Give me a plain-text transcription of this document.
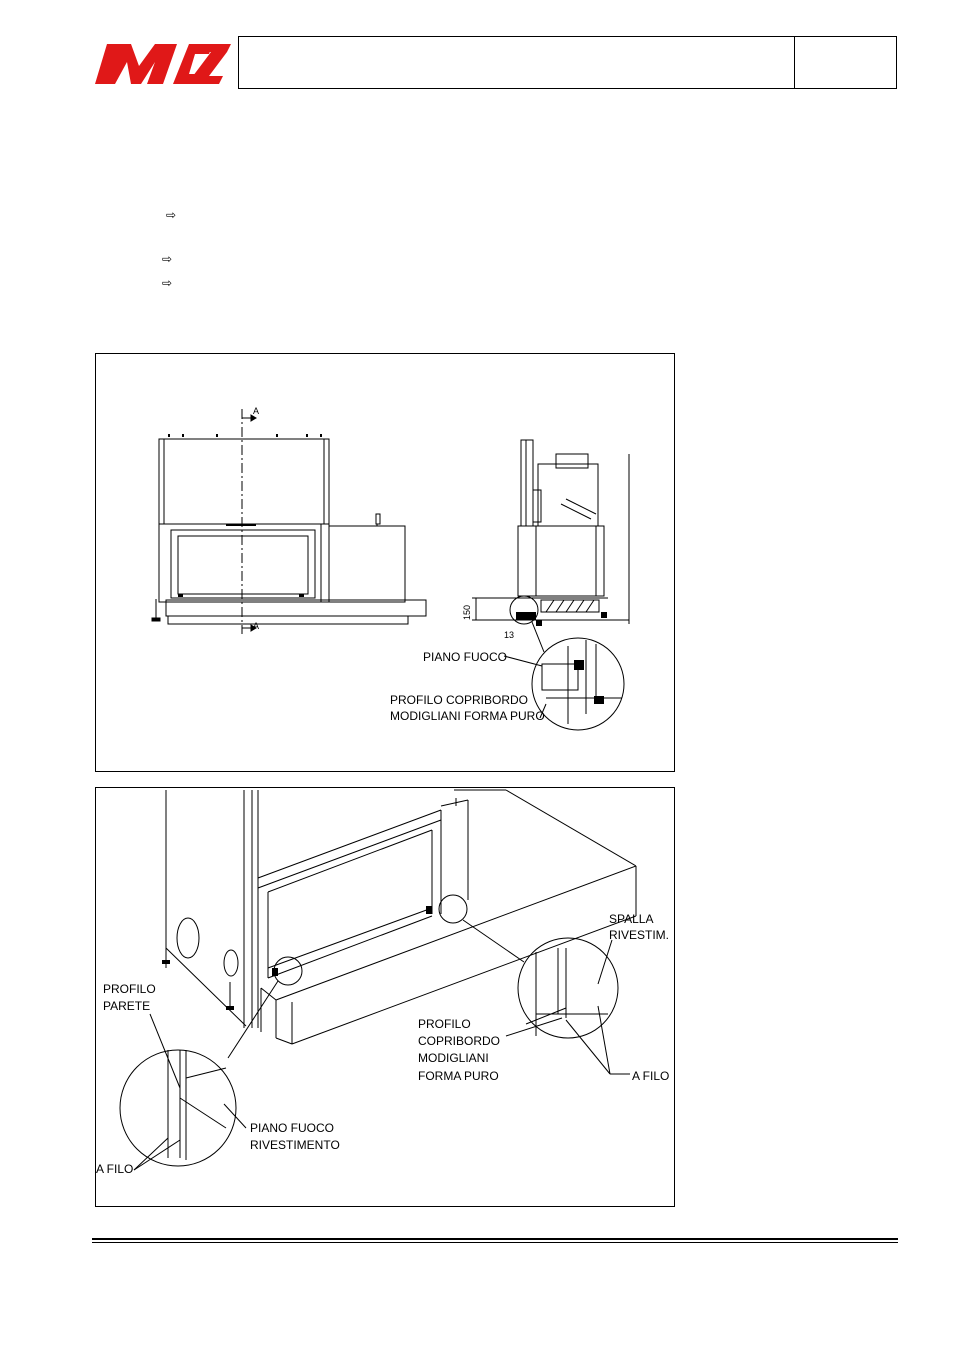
⇨
⇨
⇨
A
A
150
13
PIANO FUOCO
PROFILO COPRIBORDO
MODIGLIANI FORMA PURO
SPALLA
RIVESTIM.
PROFILO
PARETE
PROFILO
COPRIBORDO
MODIGLIANI
FORMA PURO	A FILO
PIANO FUOCO
RIVESTIMENTO
A FILO
